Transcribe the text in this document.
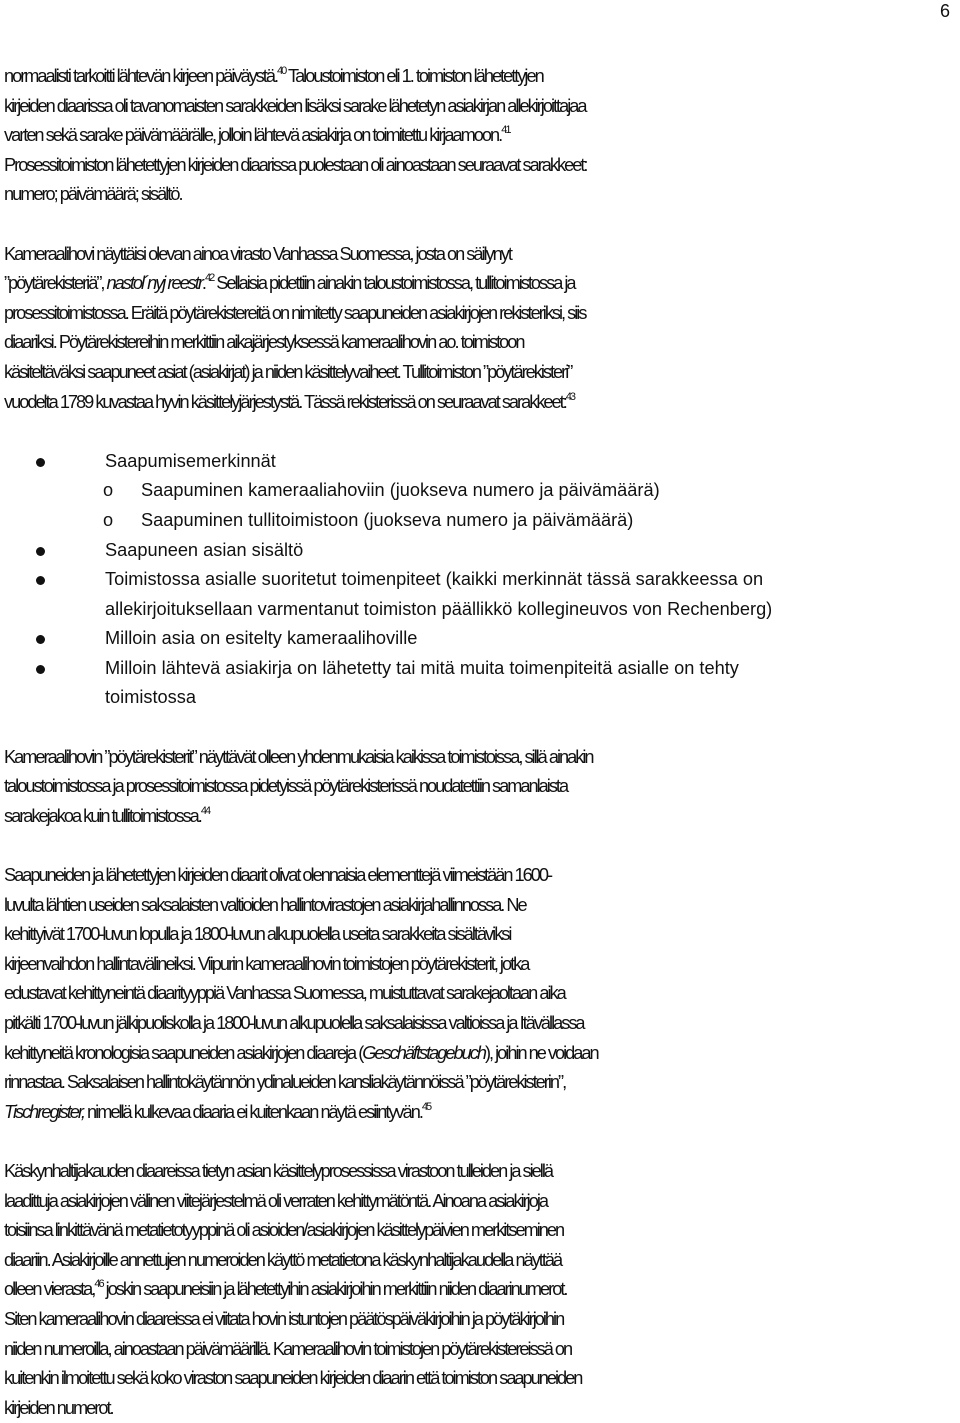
6
normaalisti tarkoitti lähtevän kirjeen päiväystä.$^{40}$ Taloustoimiston eli 1. toimiston lähetettyjen
kirjeiden diaarissa oli tavanomaisten sarakkeiden lisäksi sarake lähetetyn asiakirjan allekirjoittajaa
varten sekä sarake päivämäärälle, jolloin lähtevä asiakirja on toimitettu kirjaamoon.$^{41}$
Prosessitoimiston lähetettyjen kirjeiden diaarissa puolestaan oli ainoastaan seuraavat sarakkeet:
numero; päivämäärä; sisältö.
Kameraalihovi näyttäisi olevan ainoa virasto Vanhassa Suomessa, josta on säilynyt
”pöytärekisteriä”, nastol´nyj reestr.$^{42}$ Sellaisia pidettiin ainakin taloustoimistossa, tullitoimistossa ja
prosessitoimistossa. Eräitä pöytärekistereitä on nimitetty saapuneiden asiakirjojen rekisteriksi, siis
diaariksi. Pöytärekistereihin merkittiin aikajärjestyksessä kameraalihovin ao. toimistoon
käsiteltäväksi saapuneet asiat (asiakirjat) ja niiden käsittelyvaiheet. Tullitoimiston ”pöytärekisteri”
vuodelta 1789 kuvastaa hyvin käsittelyjärjestystä. Tässä rekisterissä on seuraavat sarakkeet:$^{43}$
Saapumisemerkinnät
o Saapuminen kameraaliahoviin (juokseva numero ja päivämäärä)
o Saapuminen tullitoimistoon (juokseva numero ja päivämäärä)
Saapuneen asian sisältö
Toimistossa asialle suoritetut toimenpiteet (kaikki merkinnät tässä sarakkeessa on
allekirjoituksellaan varmentanut toimiston päällikkö kollegineuvos von Rechenberg)
Milloin asia on esitelty kameraalihoville
Milloin lähtevä asiakirja on lähetetty tai mitä muita toimenpiteitä asialle on tehty
toimistossa
Kameraalihovin ”pöytärekisterit” näyttävät olleen yhdenmukaisia kaikissa toimistoissa, sillä ainakin
taloustoimistossa ja prosessitoimistossa pidetyissä pöytärekisterissä noudatettiin samanlaista
sarakejakoa kuin tullitoimistossa.$^{44}$
Saapuneiden ja lähetettyjen kirjeiden diaarit olivat olennaisia elementtejä viimeistään 1600-
luvulta lähtien useiden saksalaisten valtioiden hallintovirastojen asiakirjahallinnossa. Ne
kehittyivät 1700-luvun lopulla ja 1800-luvun alkupuolella useita sarakkeita sisältäviksi
kirjeenvaihdon hallintavälineiksi. Viipurin kameraalihovin toimistojen pöytärekisterit, jotka
edustavat kehittyneintä diaarityyppiä Vanhassa Suomessa, muistuttavat sarakejaoltaan aika
pitkälti 1700-luvun jälkipuoliskolla ja 1800-luvun alkupuolella saksalaisissa valtioissa ja Itävällassa
kehittyneitä kronologisia saapuneiden asiakirjojen diaareja (Geschäftstagebuch), joihin ne voidaan
rinnastaa. Saksalaisen hallintokäytännön ydinalueiden kansliakäytännöissä ”pöytärekisterin”,
Tischregister, nimellä kulkevaa diaaria ei kuitenkaan näytä esiintyvän.$^{45}$
Käskynhaltijakauden diaareissa tietyn asian käsittelyprosessissa virastoon tulleiden ja siellä
laadittuja asiakirjojen välinen viitejärjestelmä oli verraten kehittymätöntä. Ainoana asiakirjoja
toisiinsa linkittävänä metatietotyyppinä oli asioiden/asiakirjojen käsittelypäivien merkitseminen
diaariin. Asiakirjoille annettujen numeroiden käyttö metatietona käskynhaltijakaudella näyttää
olleen vierasta,$^{46}$ joskin saapuneisiin ja lähetettyihin asiakirjoihin merkittiin niiden diaarinumerot.
Siten kameraalihovin diaareissa ei viitata hovin istuntojen päätöspäiväkirjoihin ja pöytäkirjoihin
niiden numeroilla, ainoastaan päivämäärillä. Kameraalihovin toimistojen pöytärekistereissä on
kuitenkin ilmoitettu sekä koko viraston saapuneiden kirjeiden diaarin että toimiston saapuneiden
kirjeiden numerot.
